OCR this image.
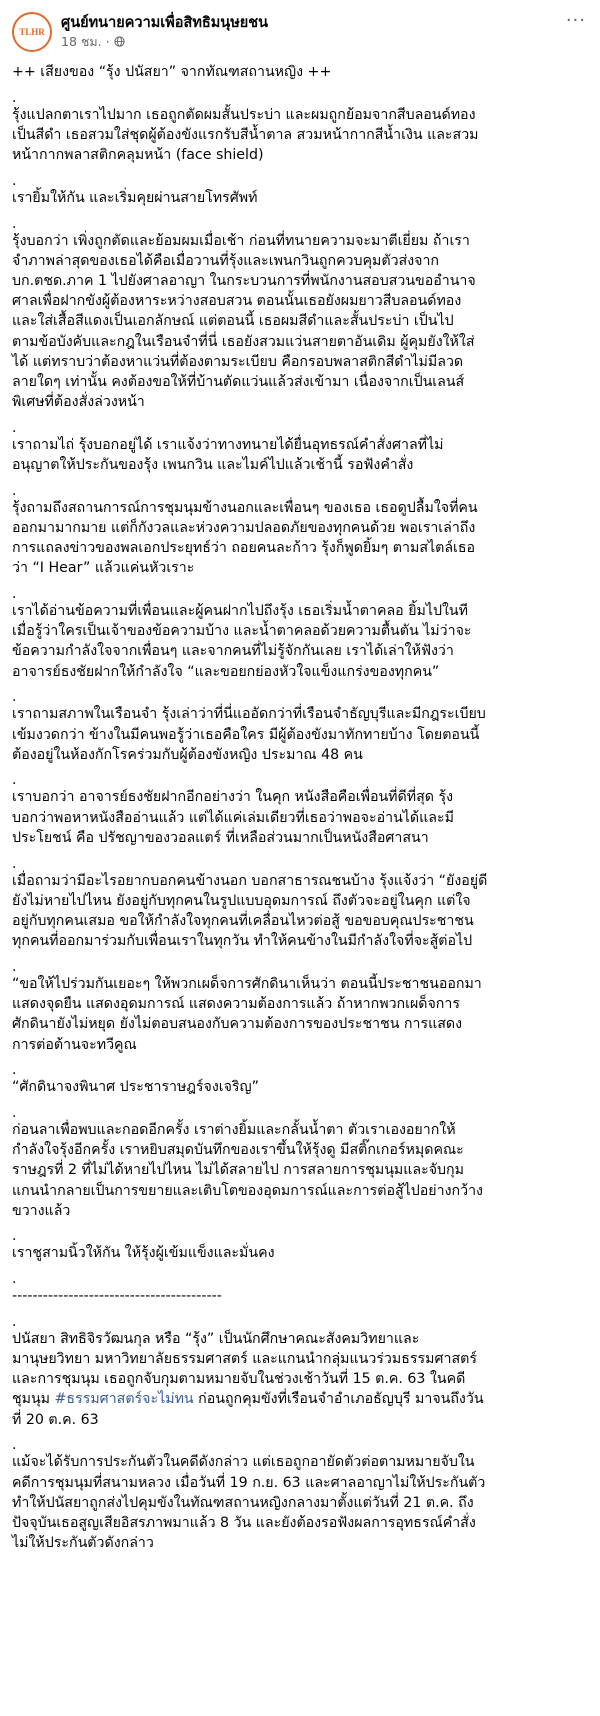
TLHR
ศูนย์ทนายความเพื่อสิทธิมนุษยชน
18 ชม. ·
···

++ เสียงของ “รุ้ง ปนัสยา” จากทัณฑสถานหญิง ++

.

รุ้งแปลกตาเราไปมาก เธอถูกตัดผมสั้นประบ่า และผมถูกย้อมจากสีบลอนด์ทอง
เป็นสีดำ เธอสวมใส่ชุดผู้ต้องขังแรกรับสีน้ำตาล สวมหน้ากากสีน้ำเงิน และสวม
หน้ากากพลาสติกคลุมหน้า (face shield)

.

เรายิ้มให้กัน และเริ่มคุยผ่านสายโทรศัพท์

.

รุ้งบอกว่า เพิ่งถูกตัดและย้อมผมเมื่อเช้า ก่อนที่ทนายความจะมาตีเยี่ยม ถ้าเรา
จำภาพล่าสุดของเธอได้คือเมื่อวานที่รุ้งและเพนกวินถูกควบคุมตัวส่งจาก
บก.ตชด.ภาค 1 ไปยังศาลอาญา ในกระบวนการที่พนักงานสอบสวนขออำนาจ
ศาลเพื่อฝากขังผู้ต้องหาระหว่างสอบสวน ตอนนั้นเธอยังผมยาวสีบลอนด์ทอง
และใส่เสื้อสีแดงเป็นเอกลักษณ์ แต่ตอนนี้ เธอผมสีดำและสั้นประบ่า เป็นไป
ตามข้อบังคับและกฎในเรือนจำที่นี่ เธอยังสวมแว่นสายตาอันเดิม ผู้คุมยังให้ใส่
ได้ แต่ทราบว่าต้องหาแว่นที่ต้องตามระเบียบ คือกรอบพลาสติกสีดำไม่มีลวด
ลายใดๆ เท่านั้น คงต้องขอให้ที่บ้านตัดแว่นแล้วส่งเข้ามา เนื่องจากเป็นเลนส์
พิเศษที่ต้องสั่งล่วงหน้า

.

เราถามไถ่ รุ้งบอกอยู่ได้ เราแจ้งว่าทางทนายได้ยื่นอุทธรณ์คำสั่งศาลที่ไม่
อนุญาตให้ประกันของรุ้ง เพนกวิน และไมค์ไปแล้วเช้านี้ รอฟังคำสั่ง

.

รุ้งถามถึงสถานการณ์การชุมนุมข้างนอกและเพื่อนๆ ของเธอ เธอดูปลื้มใจที่คน
ออกมามากมาย แต่ก็กังวลและห่วงความปลอดภัยของทุกคนด้วย พอเราเล่าถึง
การแถลงข่าวของพลเอกประยุทธ์ว่า ถอยคนละก้าว รุ้งก็พูดยิ้มๆ ตามสไตล์เธอ
ว่า “I Hear” แล้วแค่นหัวเราะ

.

เราได้อ่านข้อความที่เพื่อนและผู้คนฝากไปถึงรุ้ง เธอเริ่มน้ำตาคลอ ยิ้มไปในที
เมื่อรู้ว่าใครเป็นเจ้าของข้อความบ้าง และน้ำตาคลอด้วยความตื้นตัน ไม่ว่าจะ
ข้อความกำลังใจจากเพื่อนๆ และจากคนที่ไม่รู้จักกันเลย เราได้เล่าให้ฟังว่า
อาจารย์ธงชัยฝากให้กำลังใจ “และขอยกย่องหัวใจแข็งแกร่งของทุกคน”

.

เราถามสภาพในเรือนจำ รุ้งเล่าว่าที่นี่แออัดกว่าที่เรือนจำธัญบุรีและมีกฎระเบียบ
เข้มงวดกว่า ข้างในมีคนพอรู้ว่าเธอคือใคร มีผู้ต้องขังมาทักทายบ้าง โดยตอนนี้
ต้องอยู่ในห้องกักโรคร่วมกับผู้ต้องขังหญิง ประมาณ 48 คน

.

เราบอกว่า อาจารย์ธงชัยฝากอีกอย่างว่า ในคุก หนังสือคือเพื่อนที่ดีที่สุด รุ้ง
บอกว่าพอหาหนังสืออ่านแล้ว แต่ได้แค่เล่มเดียวที่เธอว่าพอจะอ่านได้และมี
ประโยชน์ คือ ปรัชญาของวอลแตร์ ที่เหลือส่วนมากเป็นหนังสือศาสนา

.

เมื่อถามว่ามีอะไรอยากบอกคนข้างนอก บอกสาธารณชนบ้าง รุ้งแจ้งว่า “ยังอยู่ดี
ยังไม่หายไปไหน ยังอยู่กับทุกคนในรูปแบบอุดมการณ์ ถึงตัวจะอยู่ในคุก แต่ใจ
อยู่กับทุกคนเสมอ ขอให้กำลังใจทุกคนที่เคลื่อนไหวต่อสู้ ขอขอบคุณประชาชน
ทุกคนที่ออกมาร่วมกับเพื่อนเราในทุกวัน ทำให้คนข้างในมีกำลังใจที่จะสู้ต่อไป

.

“ขอให้ไปร่วมกันเยอะๆ ให้พวกเผด็จการศักดินาเห็นว่า ตอนนี้ประชาชนออกมา
แสดงจุดยืน แสดงอุดมการณ์ แสดงความต้องการแล้ว ถ้าหากพวกเผด็จการ
ศักดินายังไม่หยุด ยังไม่ตอบสนองกับความต้องการของประชาชน การแสดง
การต่อต้านจะทวีคูณ

.

“ศักดินาจงพินาศ ประชาราษฎร์จงเจริญ”

.

ก่อนลาเพื่อพบและกอดอีกครั้ง เราต่างยิ้มและกลั้นน้ำตา ตัวเราเองอยากให้
กำลังใจรุ้งอีกครั้ง เราหยิบสมุดบันทึกของเราขึ้นให้รุ้งดู มีสติ๊กเกอร์หมุดคณะ
ราษฎรที่ 2 ที่ไม่ได้หายไปไหน ไม่ได้สลายไป การสลายการชุมนุมและจับกุม
แกนนำกลายเป็นการขยายและเติบโตของอุดมการณ์และการต่อสู้ไปอย่างกว้าง
ขวางแล้ว

.

เราชูสามนิ้วให้กัน ให้รุ้งผู้เข้มแข็งและมั่นคง

.

-----------------------------------------

.

ปนัสยา สิทธิจิรวัฒนกุล หรือ “รุ้ง” เป็นนักศึกษาคณะสังคมวิทยาและ
มานุษยวิทยา มหาวิทยาลัยธรรมศาสตร์ และแกนนำกลุ่มแนวร่วมธรรมศาสตร์
และการชุมนุม เธอถูกจับกุมตามหมายจับในช่วงเช้าวันที่ 15 ต.ค. 63 ในคดี
ชุมนุม #ธรรมศาสตร์จะไม่ทน ก่อนถูกคุมขังที่เรือนจำอำเภอธัญบุรี มาจนถึงวัน
ที่ 20 ต.ค. 63

.

แม้จะได้รับการประกันตัวในคดีดังกล่าว แต่เธอถูกอายัดตัวต่อตามหมายจับใน
คดีการชุมนุมที่สนามหลวง เมื่อวันที่ 19 ก.ย. 63 และศาลอาญาไม่ให้ประกันตัว
ทำให้ปนัสยาถูกส่งไปคุมขังในทัณฑสถานหญิงกลางมาตั้งแต่วันที่ 21 ต.ค. ถึง
ปัจจุบันเธอสูญเสียอิสรภาพมาแล้ว 8 วัน และยังต้องรอฟังผลการอุทธรณ์คำสั่ง
ไม่ให้ประกันตัวดังกล่าว
